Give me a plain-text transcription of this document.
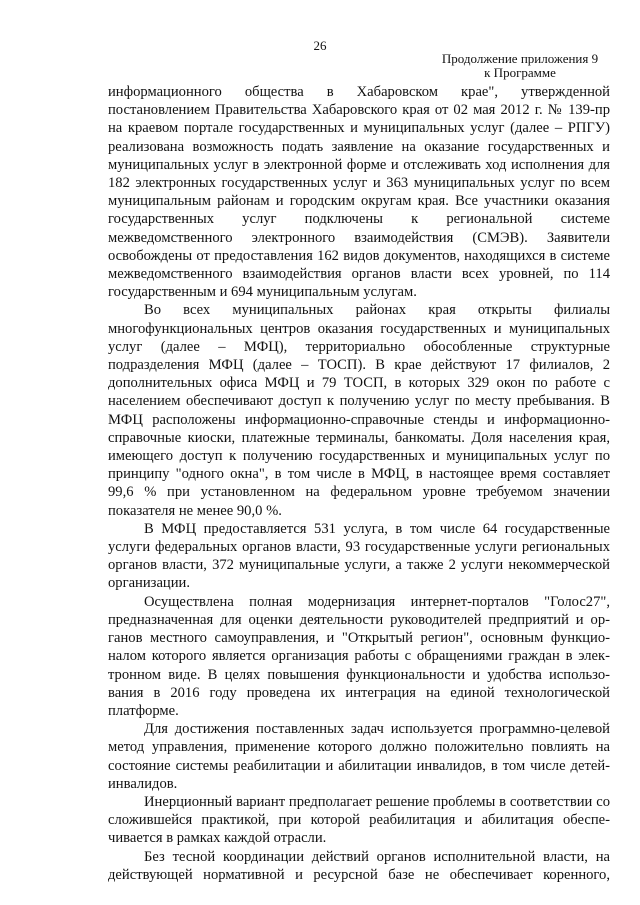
26
Продолжение приложения 9
к Программе

информационного общества в Хабаровском крае", утвержденной постановлением Правительства Хабаровского края от 02 мая 2012 г. № 139-пр на краевом портале государственных и муниципальных услуг (далее – РПГУ) реализована возможность подать заявление на оказание государственных и муниципальных услуг в электронной форме и отслеживать ход исполнения для 182 электронных государственных услуг и 363 муниципальных услуг по всем муниципальным районам и городским округам края. Все участники оказания государственных услуг подключены к региональной системе межведомственного электронного взаимодействия (СМЭВ). Заявители освобождены от предоставления 162 видов документов, находящихся в системе межведомственного взаимодействия органов власти всех уровней, по 114 государственным и 694 муниципальным услугам.

Во всех муниципальных районах края открыты филиалы многофункциональных центров оказания государственных и муниципальных услуг (далее – МФЦ), территориально обособленные структурные подразделения МФЦ (далее – ТОСП). В крае действуют 17 филиалов, 2 дополнительных офиса МФЦ и 79 ТОСП, в которых 329 окон по работе с населением обеспечивают доступ к получению услуг по месту пребывания. В МФЦ расположены информационно-справочные стенды и информационно-справочные киоски, платежные терминалы, банкоматы. Доля населения края, имеющего доступ к получению государственных и муниципальных услуг по принципу "одного окна", в том числе в МФЦ, в настоящее время составляет 99,6 % при установленном на федеральном уровне требуемом значении показателя не менее 90,0 %.

В МФЦ предоставляется 531 услуга, в том числе 64 государственные услуги федеральных органов власти, 93 государственные услуги региональных органов власти, 372 муниципальные услуги, а также 2 услуги некоммерческой организации.

Осуществлена полная модернизация интернет-порталов "Голос27", предназначенная для оценки деятельности руководителей предприятий и органов местного самоуправления, и "Открытый регион", основным функционалом которого является организация работы с обращениями граждан в электронном виде. В целях повышения функциональности и удобства использования в 2016 году проведена их интеграция на единой технологической платформе.

Для достижения поставленных задач используется программно-целевой метод управления, применение которого должно положительно повлиять на состояние системы реабилитации и абилитации инвалидов, в том числе детей-инвалидов.

Инерционный вариант предполагает решение проблемы в соответствии со сложившейся практикой, при которой реабилитация и абилитация обеспечивается в рамках каждой отрасли.

Без тесной координации действий органов исполнительной власти, на действующей нормативной и ресурсной базе не обеспечивает коренного,
